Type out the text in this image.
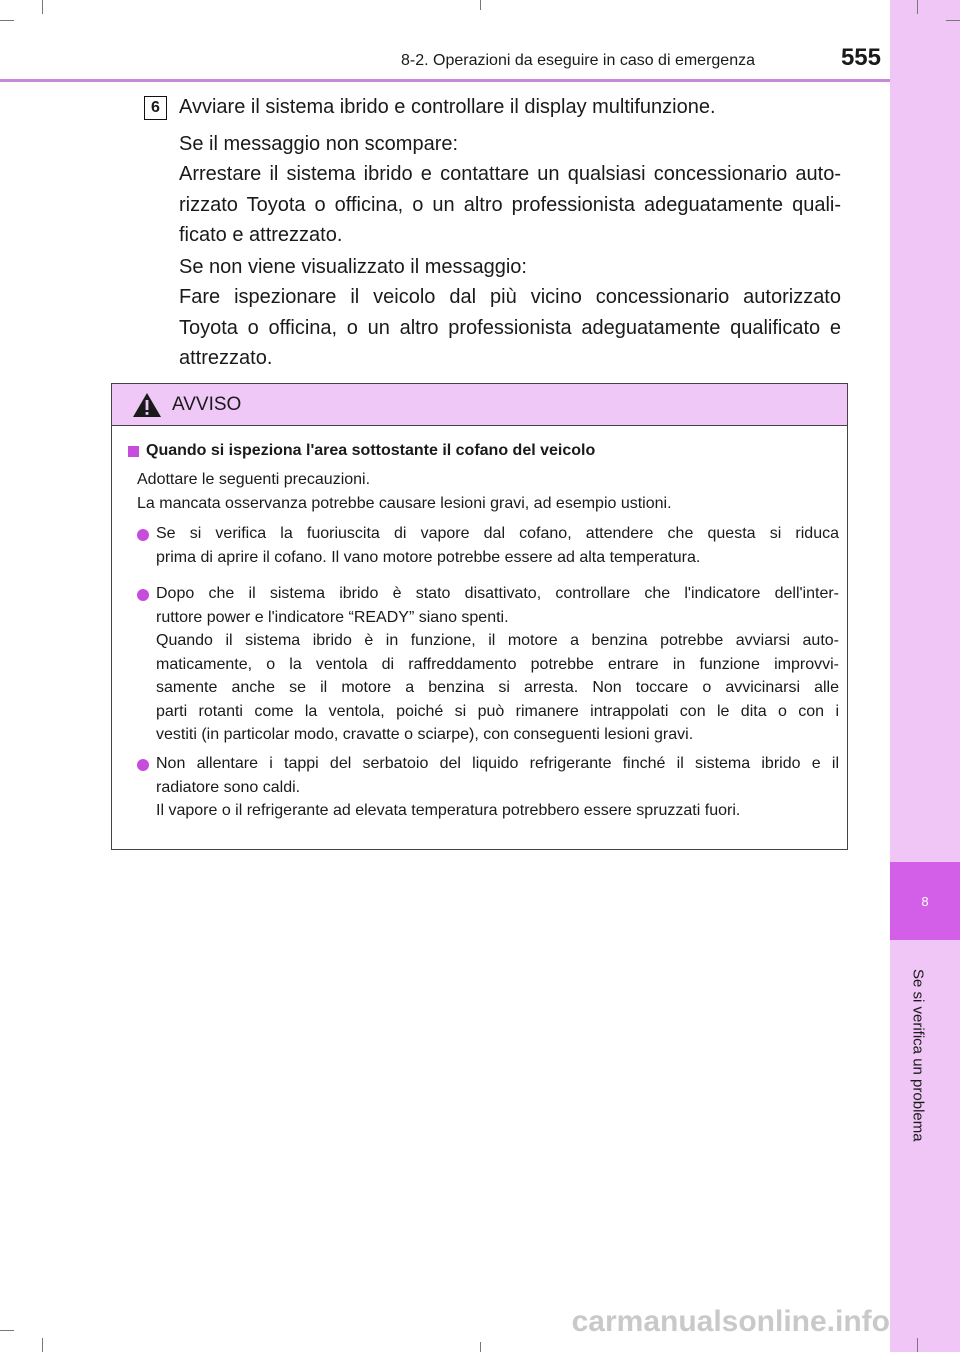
8
Se si verifica un problema
8-2. Operazioni da eseguire in caso di emergenza	555
6 Avviare il sistema ibrido e controllare il display multifunzione.

Se il messaggio non scompare:

Arrestare il sistema ibrido e contattare un qualsiasi concessionario auto-
rizzato Toyota o officina, o un altro professionista adeguatamente quali-
ficato e attrezzato.

Se non viene visualizzato il messaggio:

Fare ispezionare il veicolo dal più vicino concessionario autorizzato
Toyota o officina, o un altro professionista adeguatamente qualificato e
attrezzato.

AVVISO
Quando si ispeziona l'area sottostante il cofano del veicolo

Adottare le seguenti precauzioni.
La mancata osservanza potrebbe causare lesioni gravi, ad esempio ustioni.

Se si verifica la fuoriuscita di vapore dal cofano, attendere che questa si riduca
prima di aprire il cofano. Il vano motore potrebbe essere ad alta temperatura.

Dopo che il sistema ibrido è stato disattivato, controllare che l'indicatore dell'inter-
ruttore power e l'indicatore “READY” siano spenti.
Quando il sistema ibrido è in funzione, il motore a benzina potrebbe avviarsi auto-
maticamente, o la ventola di raffreddamento potrebbe entrare in funzione improvvi-
samente anche se il motore a benzina si arresta. Non toccare o avvicinarsi alle
parti rotanti come la ventola, poiché si può rimanere intrappolati con le dita o con i
vestiti (in particolar modo, cravatte o sciarpe), con conseguenti lesioni gravi.

Non allentare i tappi del serbatoio del liquido refrigerante finché il sistema ibrido e il
radiatore sono caldi.
Il vapore o il refrigerante ad elevata temperatura potrebbero essere spruzzati fuori.

carmanualsonline.info
